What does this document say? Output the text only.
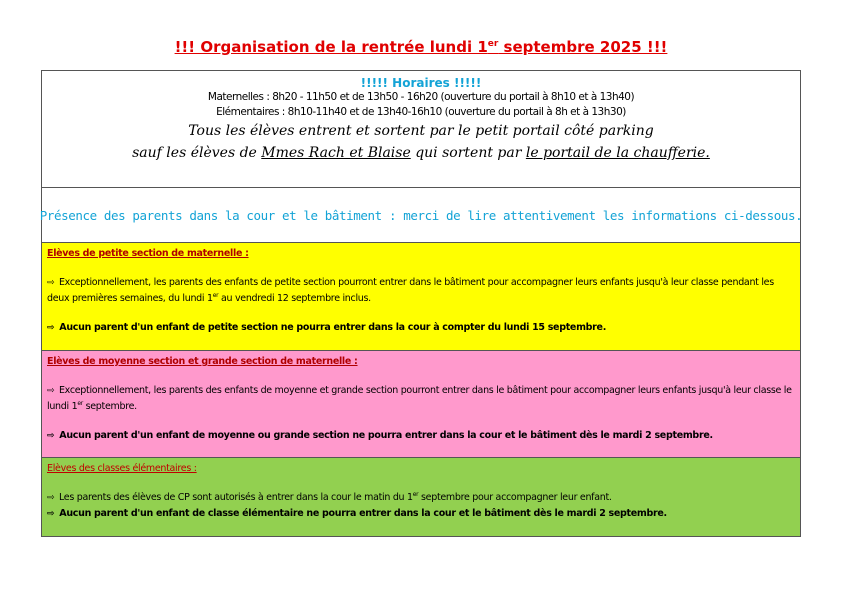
!!! Organisation de la rentrée lundi 1er septembre 2025 !!!
!!!!! Horaires !!!!!
Maternelles : 8h20 - 11h50 et de 13h50 - 16h20 (ouverture du portail à 8h10 et à 13h40)
Elémentaires : 8h10-11h40 et de 13h40-16h10 (ouverture du portail à 8h et à 13h30)
Tous les élèves entrent et sortent par le petit portail côté parking
sauf les élèves de Mmes Rach et Blaise qui sortent par le portail de la chaufferie.
Présence des parents dans la cour et le bâtiment : merci de lire attentivement les informations ci-dessous.
Elèves de petite section de maternelle :
⇨ Exceptionnellement, les parents des enfants de petite section pourront entrer dans le bâtiment pour accompagner leurs enfants jusqu'à leur classe pendant les deux premières semaines, du lundi 1er au vendredi 12 septembre inclus.
⇨ Aucun parent d'un enfant de petite section ne pourra entrer dans la cour à compter du lundi 15 septembre.
Elèves de moyenne section et grande section de maternelle :
⇨ Exceptionnellement, les parents des enfants de moyenne et grande section pourront entrer dans le bâtiment pour accompagner leurs enfants jusqu'à leur classe le lundi 1er septembre.
⇨ Aucun parent d'un enfant de moyenne ou grande section ne pourra entrer dans la cour et le bâtiment dès le mardi 2 septembre.
Elèves des classes élémentaires :
⇨ Les parents des élèves de CP sont autorisés à entrer dans la cour le matin du 1er septembre pour accompagner leur enfant.
⇨ Aucun parent d'un enfant de classe élémentaire ne pourra entrer dans la cour et le bâtiment dès le mardi 2 septembre.
